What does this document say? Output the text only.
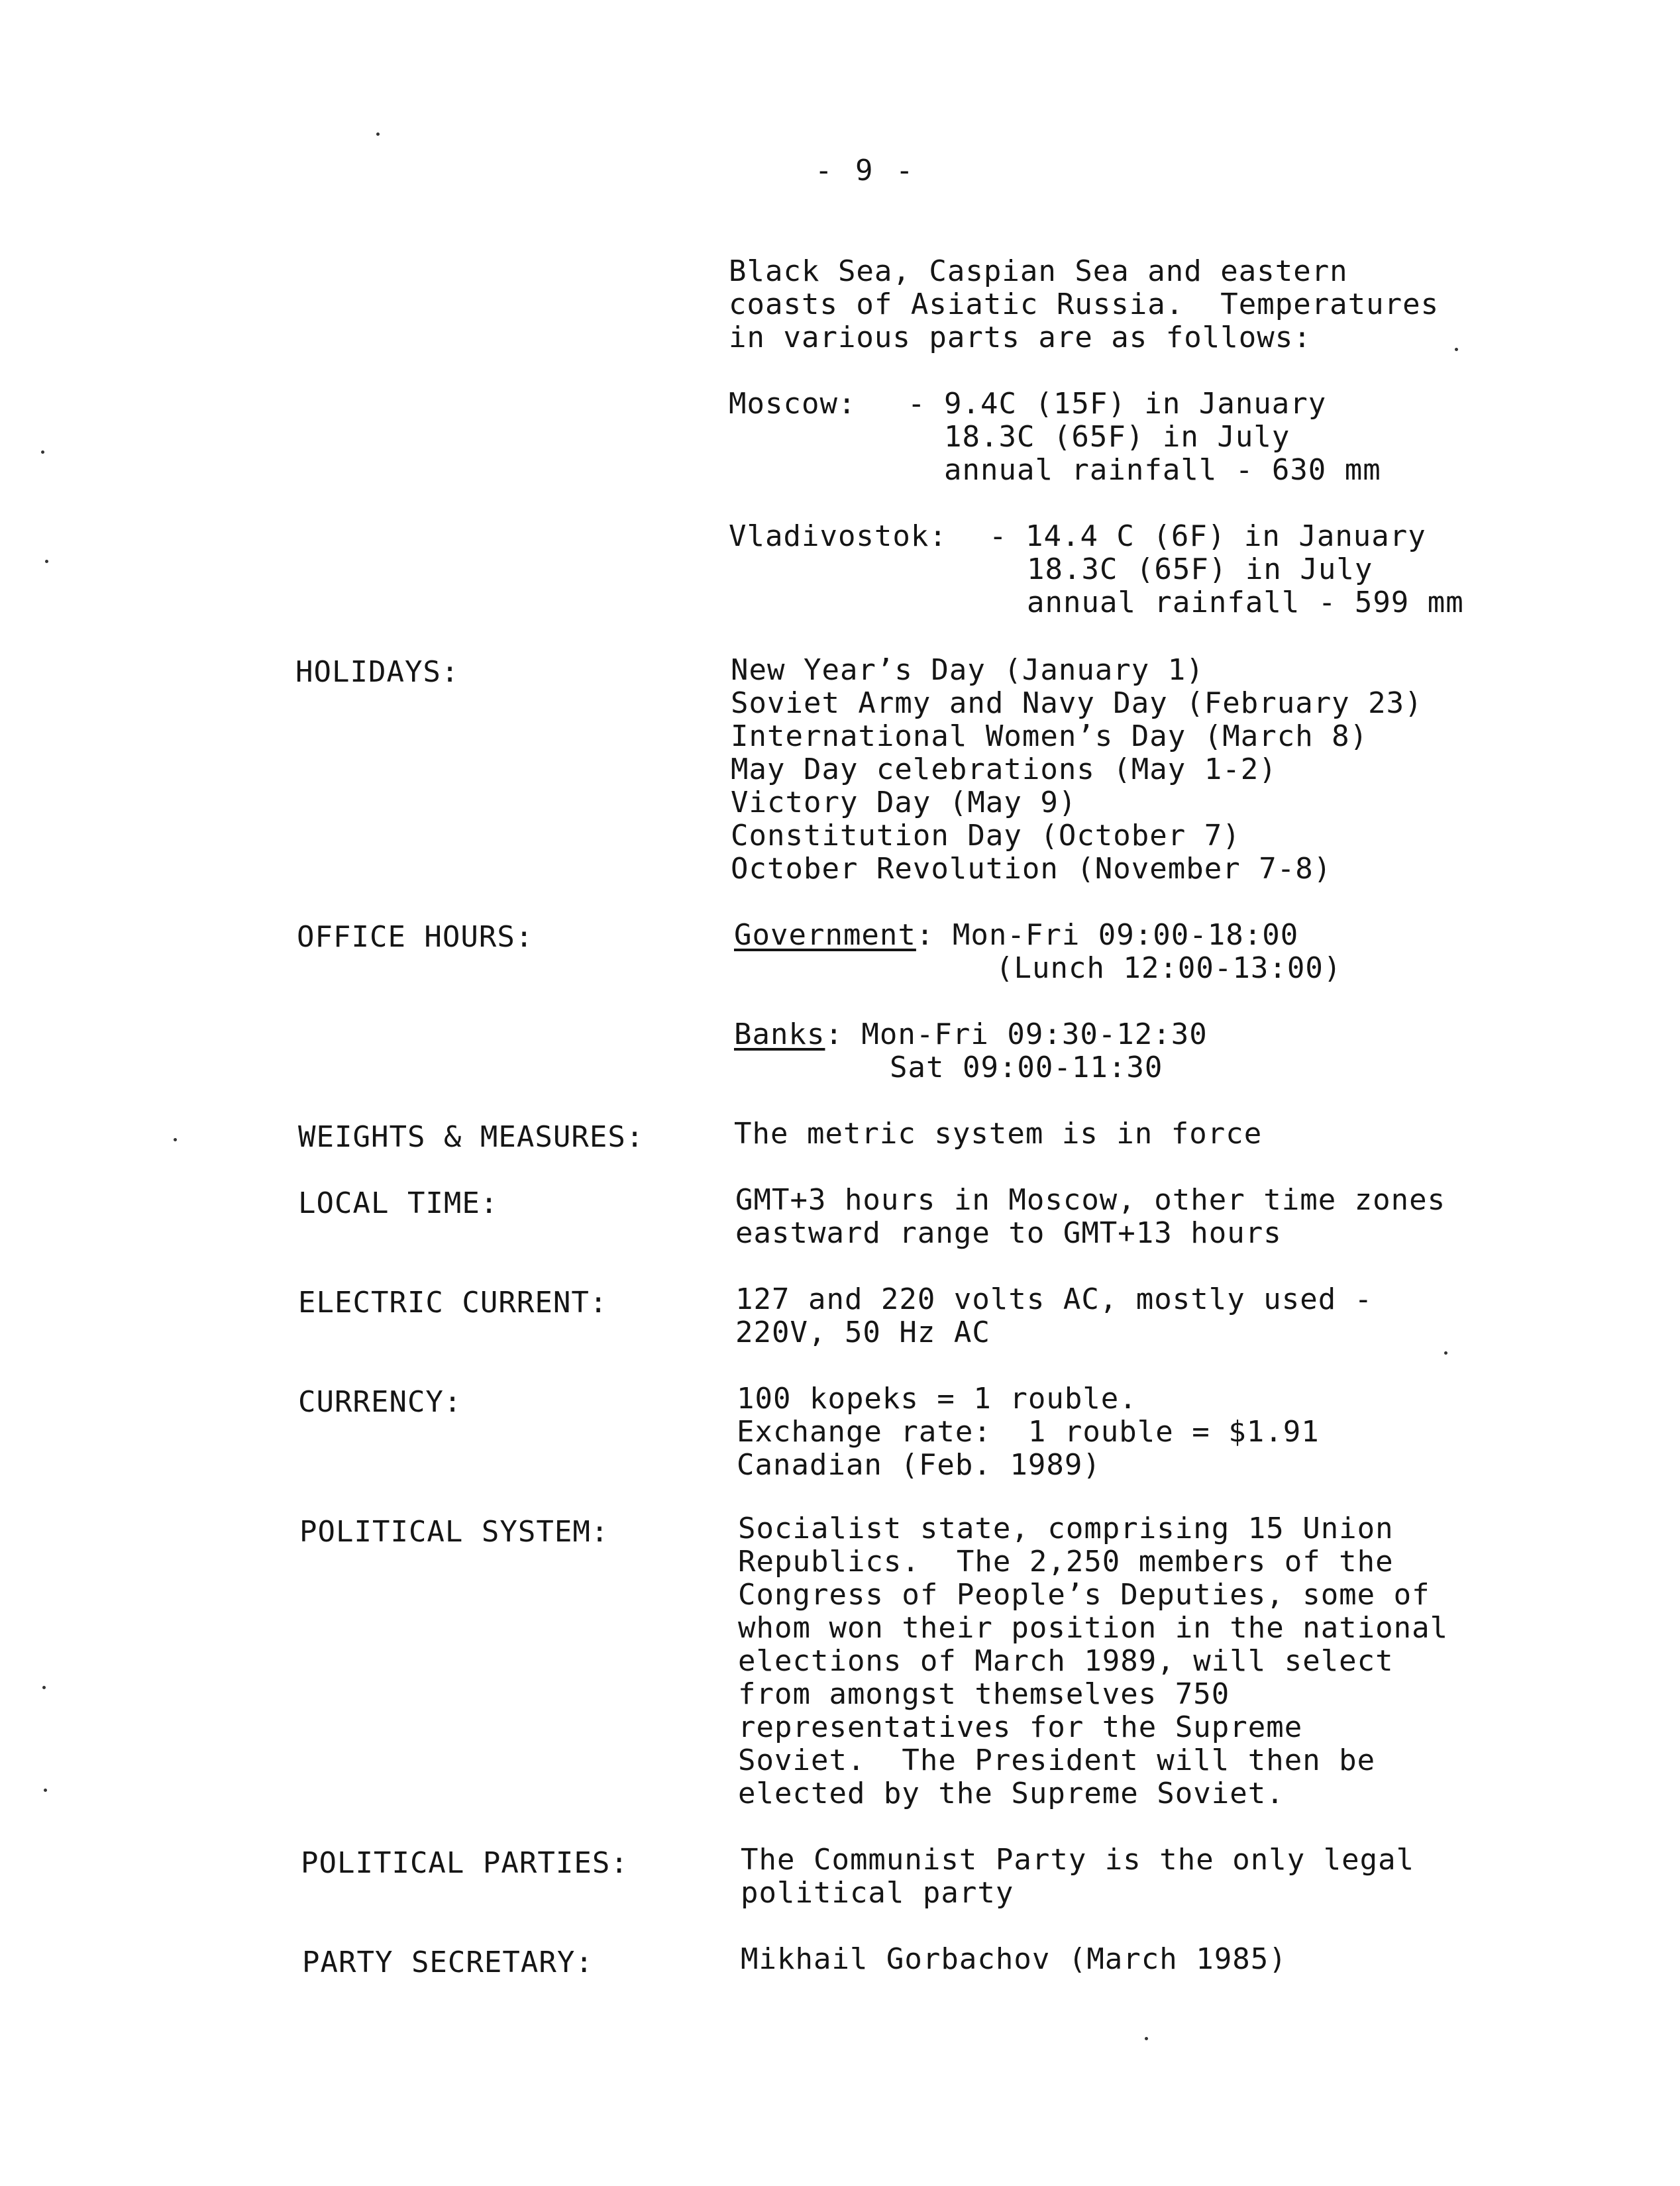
- 9 -
Black Sea, Caspian Sea and eastern
coasts of Asiatic Russia.  Temperatures
in various parts are as follows:
Moscow: - 9.4C (15F) in January
18.3C (65F) in July
annual rainfall - 630 mm
Vladivostok: - 14.4 C (6F) in January
18.3C (65F) in July
annual rainfall - 599 mm
HOLIDAYS:	New Year’s Day (January 1)
Soviet Army and Navy Day (February 23)
International Women’s Day (March 8)
May Day celebrations (May 1-2)
Victory Day (May 9)
Constitution Day (October 7)
October Revolution (November 7-8)
OFFICE HOURS:	Government: Mon-Fri 09:00-18:00
(Lunch 12:00-13:00)
Banks: Mon-Fri 09:30-12:30
Sat 09:00-11:30
WEIGHTS & MEASURES:	The metric system is in force
LOCAL TIME:	GMT+3 hours in Moscow, other time zones
eastward range to GMT+13 hours
ELECTRIC CURRENT:	127 and 220 volts AC, mostly used -
220V, 50 Hz AC
CURRENCY:	100 kopeks = 1 rouble.
Exchange rate:  1 rouble = $1.91
Canadian (Feb. 1989)
POLITICAL SYSTEM:	Socialist state, comprising 15 Union
Republics.  The 2,250 members of the
Congress of People’s Deputies, some of
whom won their position in the national
elections of March 1989, will select
from amongst themselves 750
representatives for the Supreme
Soviet.  The President will then be
elected by the Supreme Soviet.
POLITICAL PARTIES:	The Communist Party is the only legal
political party
PARTY SECRETARY:	Mikhail Gorbachov (March 1985)
